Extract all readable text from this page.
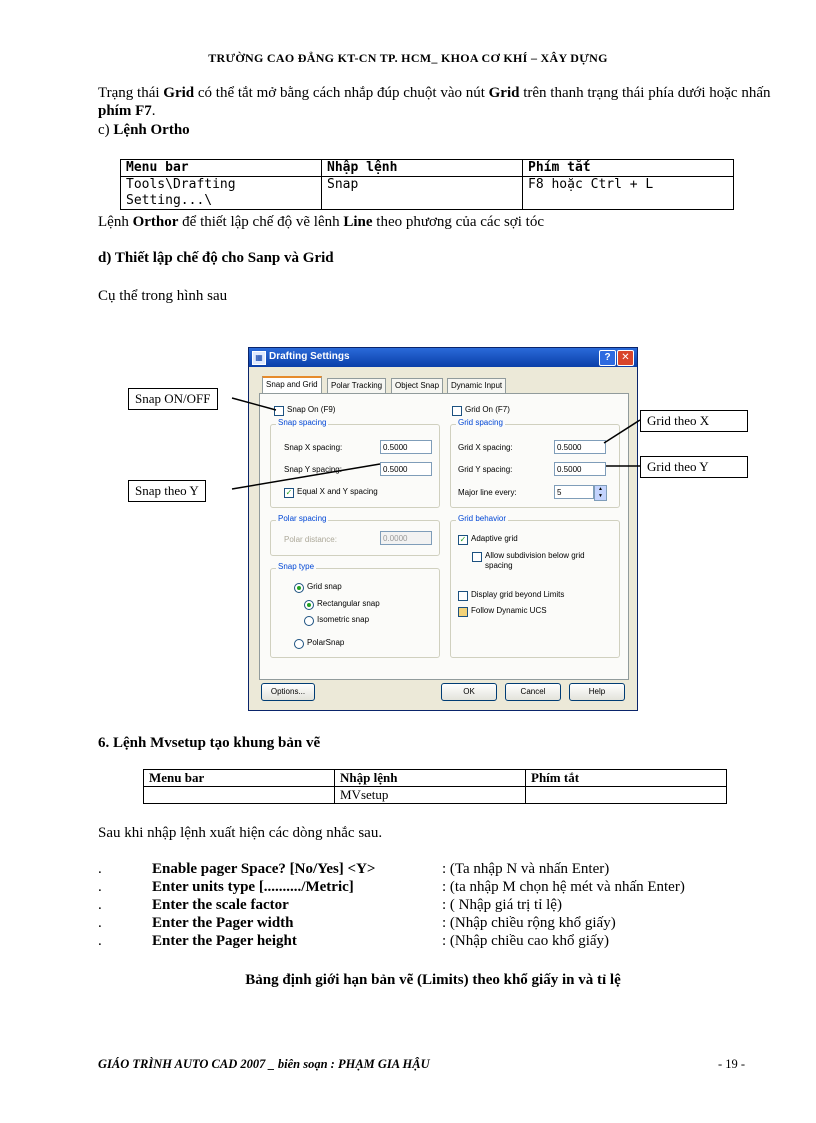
TRƯỜNG CAO ĐẲNG KT-CN TP. HCM_ KHOA CƠ KHÍ – XÂY DỰNG
Trạng thái Grid có thể tắt mở bằng cách nhắp đúp chuột vào nút Grid trên thanh trạng thái phía dưới hoặc nhấn phím F7.
c) Lệnh Ortho
Menu bar	Nhập lệnh	Phím tắt
Tools\Drafting Setting...\	Snap	F8 hoặc Ctrl + L
Lệnh Orthor để thiết lập chế độ vẽ lênh Line theo phương của các sợi tóc
d) Thiết lập chế độ cho Sanp và Grid
Cụ thể trong hình sau
▦ Drafting Settings	?	✕
Snap and Grid	Polar Tracking	Object Snap	Dynamic Input
Snap On (F9)	Grid On (F7)
Snap spacing
Snap X spacing:	0.5000
Snap Y spacing:	0.5000
✓ Equal X and Y spacing
Polar spacing
Polar distance:	0.0000
Snap type
Grid snap
Rectangular snap
Isometric snap
PolarSnap
Grid spacing
Grid X spacing:	0.5000
Grid Y spacing:	0.5000
Major line every:	5	▲
▼
Grid behavior
✓ Adaptive grid
Allow subdivision below grid spacing
Display grid beyond Limits
Follow Dynamic UCS
Options...	OK	Cancel	Help
Snap ON/OFF
Snap theo Y
Grid theo X
Grid theo Y
6. Lệnh Mvsetup tạo khung bản vẽ
Menu bar	Nhập lệnh	Phím tắt
	MVsetup	
Sau khi nhập lệnh xuất hiện các dòng nhắc sau.
.	Enable pager Space? [No/Yes] <Y>	: (Ta nhập N và nhấn Enter)
.	Enter units type [........../Metric]	: (ta nhập M chọn hệ mét và nhấn Enter)
.	Enter the scale factor	: ( Nhập giá trị tỉ lệ)
.	Enter the Pager width	: (Nhập chiều rộng khổ giấy)
.	Enter the Pager height	: (Nhập chiều cao khổ giấy)
Bảng định giới hạn bản vẽ (Limits) theo khổ giấy in và tỉ lệ
GIÁO TRÌNH AUTO CAD 2007 _ biên soạn : PHẠM GIA HẬU	- 19 -
